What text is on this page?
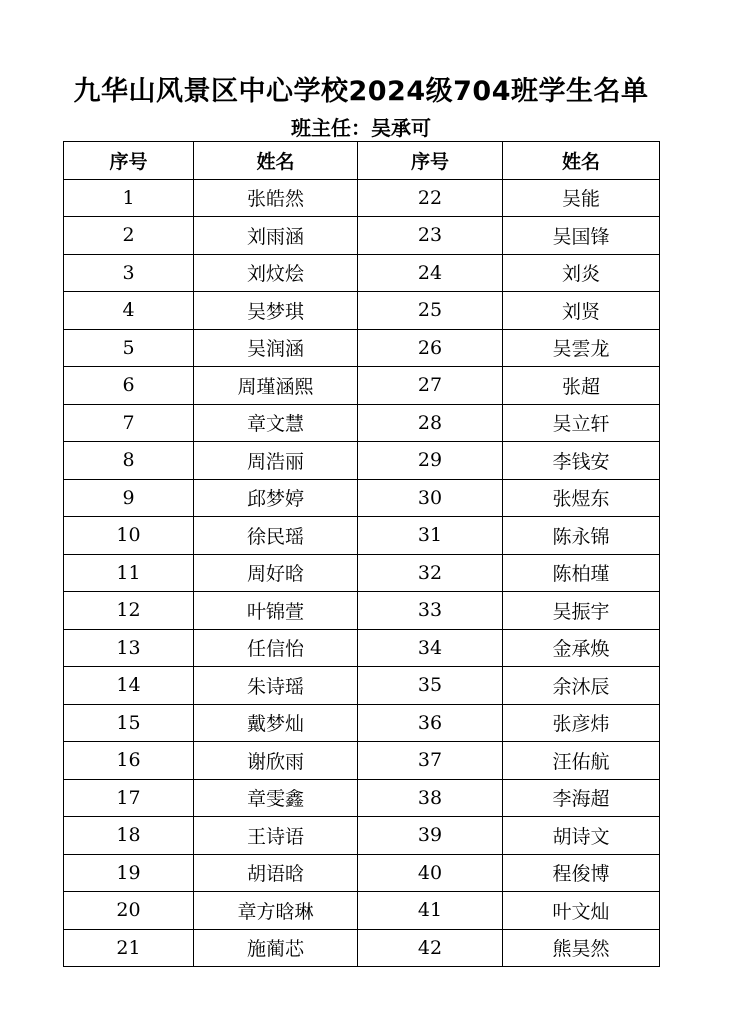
九华山风景区中心学校2024级704班学生名单
班主任：吴承可
序号	姓名	序号	姓名
1	张皓然	22	吴能
2	刘雨涵	23	吴国锋
3	刘炆烩	24	刘炎
4	吴梦琪	25	刘贤
5	吴润涵	26	吴雲龙
6	周瑾涵熙	27	张超
7	章文慧	28	吴立轩
8	周浩丽	29	李钱安
9	邱梦婷	30	张煜东
10	徐民瑶	31	陈永锦
11	周好晗	32	陈柏瑾
12	叶锦萱	33	吴振宇
13	任信怡	34	金承焕
14	朱诗瑶	35	余沐辰
15	戴梦灿	36	张彦炜
16	谢欣雨	37	汪佑航
17	章雯鑫	38	李海超
18	王诗语	39	胡诗文
19	胡语晗	40	程俊博
20	章方晗琳	41	叶文灿
21	施蔺芯	42	熊昊然
